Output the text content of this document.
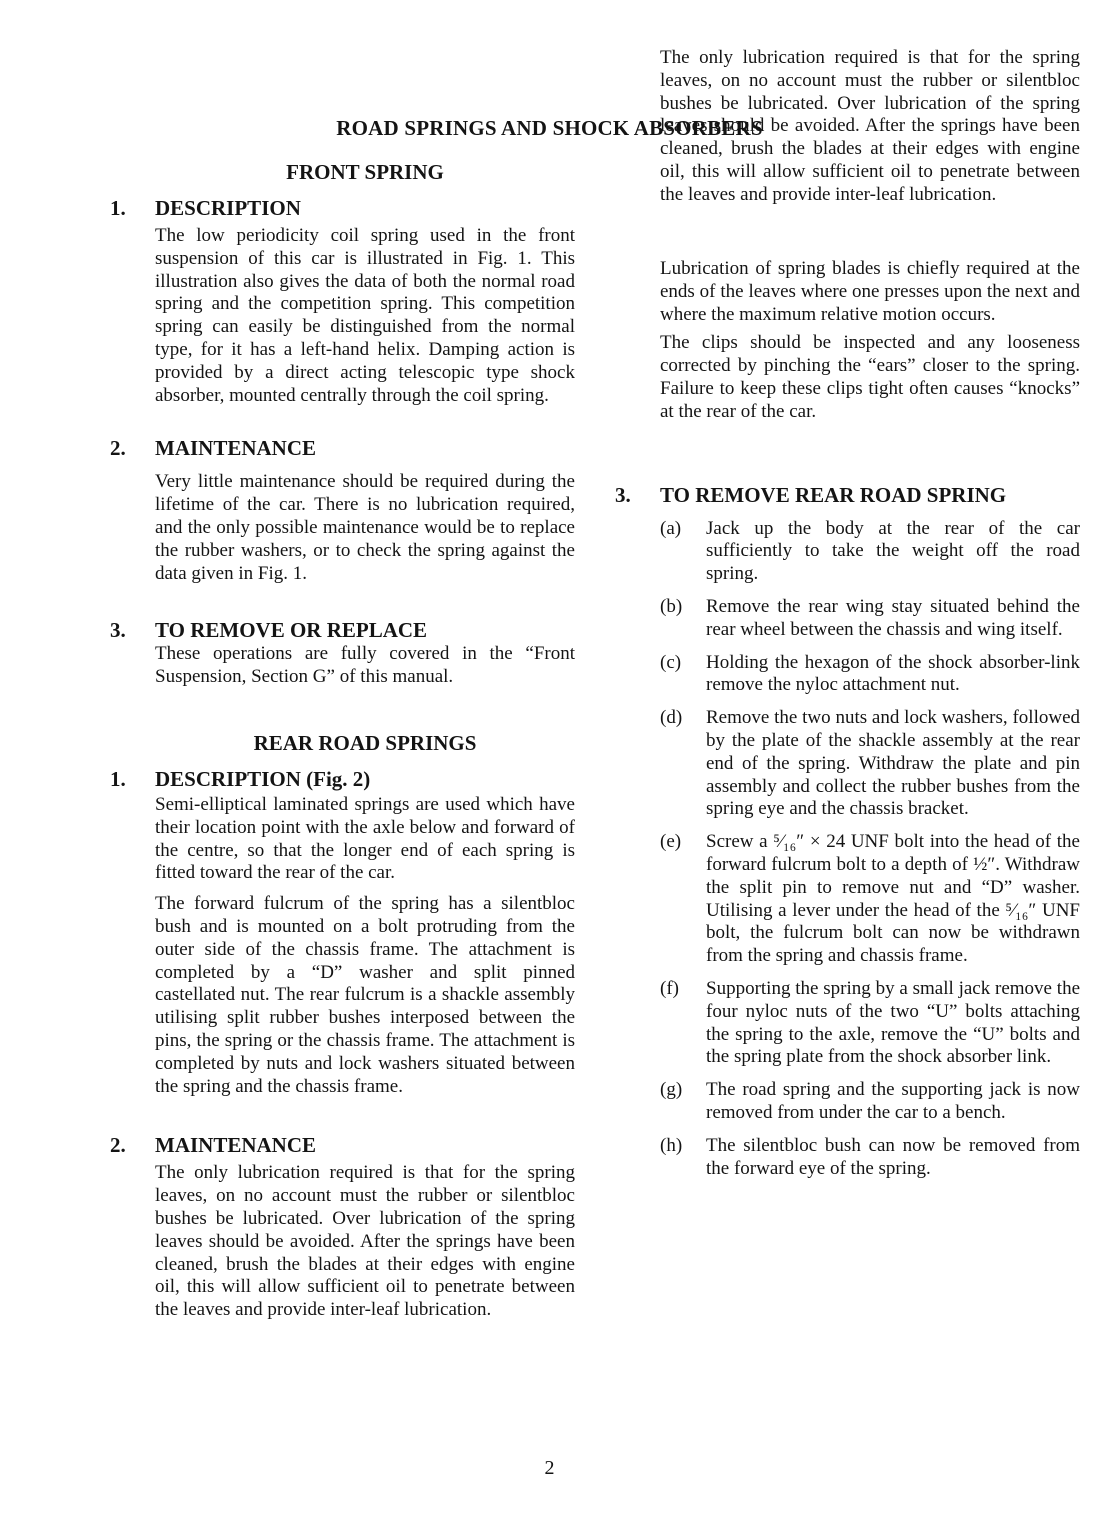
ROAD SPRINGS AND SHOCK ABSORBERS
FRONT SPRING
1. DESCRIPTION

The low periodicity coil spring used in the front suspension of this car is illustrated in Fig. 1. This illustration also gives the data of both the normal road spring and the competition spring. This competition spring can easily be distinguished from the normal type, for it has a left-hand helix. Damping action is provided by a direct acting telescopic type shock absorber, mounted centrally through the coil spring.

2. MAINTENANCE

Very little maintenance should be required during the lifetime of the car. There is no lubrication required, and the only possible maintenance would be to replace the rubber washers, or to check the spring against the data given in Fig. 1.

3. TO REMOVE OR REPLACE

These operations are fully covered in the “Front Suspension, Section G” of this manual.

REAR ROAD SPRINGS
1. DESCRIPTION (Fig. 2)

Semi-elliptical laminated springs are used which have their location point with the axle below and forward of the centre, so that the longer end of each spring is fitted toward the rear of the car.

The forward fulcrum of the spring has a silentbloc bush and is mounted on a bolt protruding from the outer side of the chassis frame. The attachment is completed by a “D” washer and split pinned castellated nut. The rear fulcrum is a shackle assembly utilising split rubber bushes interposed between the pins, the spring or the chassis frame. The attachment is completed by nuts and lock washers situated between the spring and the chassis frame.

2. MAINTENANCE

The only lubrication required is that for the spring leaves, on no account must the rubber or silentbloc bushes be lubricated. Over lubrication of the spring leaves should be avoided. After the springs have been cleaned, brush the blades at their edges with engine oil, this will allow sufficient oil to penetrate between the leaves and provide inter-leaf lubrication.

The only lubrication required is that for the spring leaves, on no account must the rubber or silentbloc bushes be lubricated. Over lubrication of the spring leaves should be avoided. After the springs have been cleaned, brush the blades at their edges with engine oil, this will allow sufficient oil to penetrate between the leaves and provide inter-leaf lubrication.

Lubrication of spring blades is chiefly required at the ends of the leaves where one presses upon the next and where the maximum relative motion occurs.

The clips should be inspected and any looseness corrected by pinching the “ears” closer to the spring. Failure to keep these clips tight often causes “knocks” at the rear of the car.

3. TO REMOVE REAR ROAD SPRING
(a) Jack up the body at the rear of the car sufficiently to take the weight off the road spring.
(b) Remove the rear wing stay situated behind the rear wheel between the chassis and wing itself.
(c) Holding the hexagon of the shock absorber-link remove the nyloc attachment nut.
(d) Remove the two nuts and lock washers, followed by the plate of the shackle assembly at the rear end of the spring. Withdraw the plate and pin assembly and collect the rubber bushes from the spring eye and the chassis bracket.
(e) Screw a ⁵⁄₁₆″ × 24 UNF bolt into the head of the forward fulcrum bolt to a depth of ½″. Withdraw the split pin to remove nut and “D” washer. Utilising a lever under the head of the ⁵⁄₁₆″ UNF bolt, the fulcrum bolt can now be withdrawn from the spring and chassis frame.
(f) Supporting the spring by a small jack remove the four nyloc nuts of the two “U” bolts attaching the spring to the axle, remove the “U” bolts and the spring plate from the shock absorber link.
(g) The road spring and the supporting jack is now removed from under the car to a bench.
(h) The silentbloc bush can now be removed from the forward eye of the spring.
2
